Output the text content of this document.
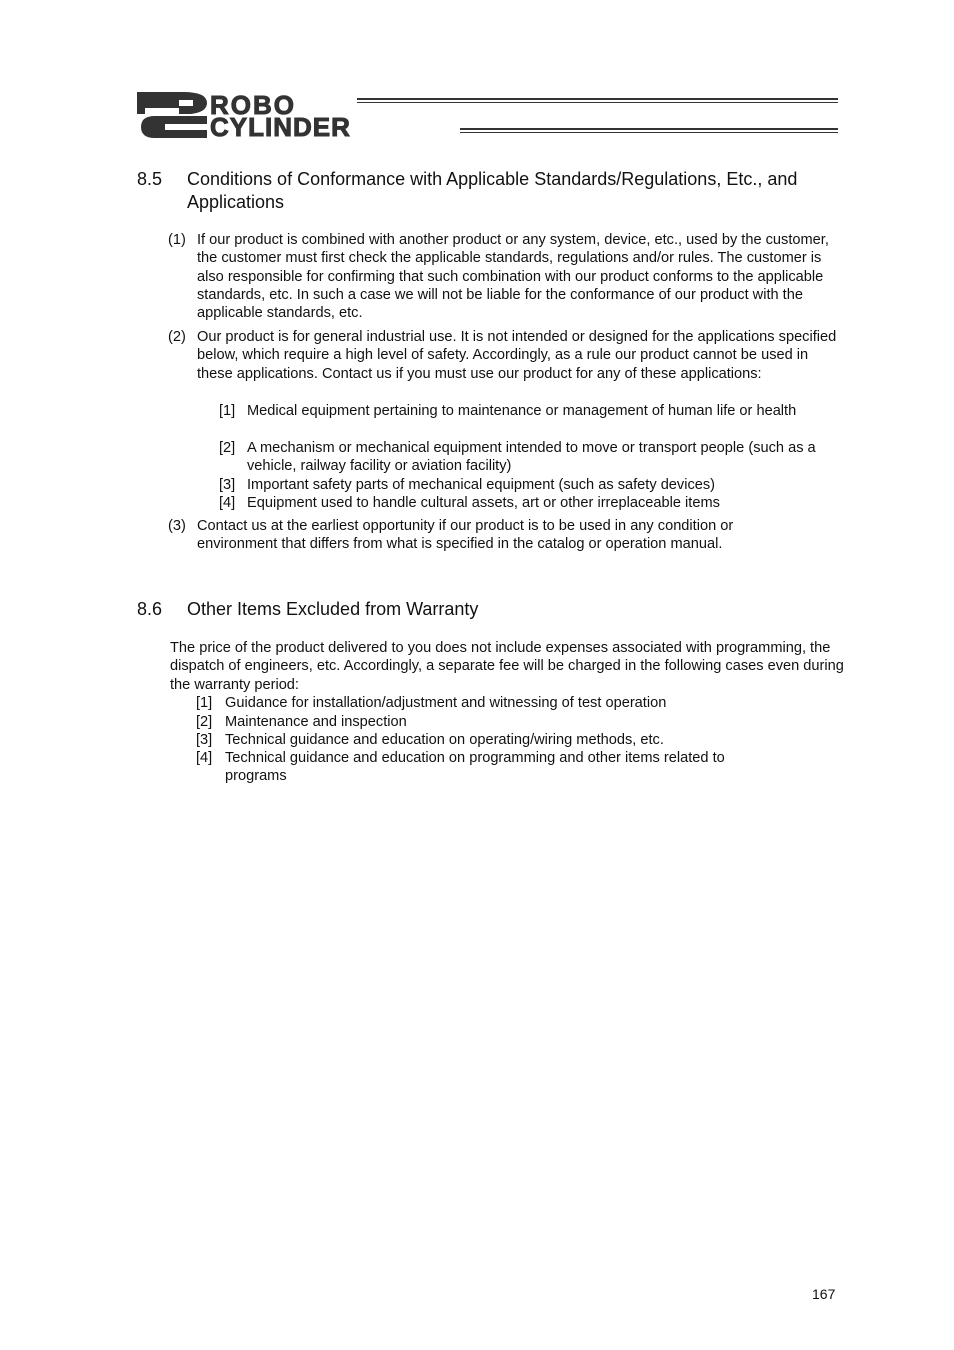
ROBO
CYLINDER
8.5 Conditions of Conformance with Applicable Standards/Regulations, Etc., and Applications
(1) If our product is combined with another product or any system, device, etc., used by the customer, the customer must first check the applicable standards, regulations and/or rules. The customer is also responsible for confirming that such combination with our product conforms to the applicable standards, etc. In such a case we will not be liable for the conformance of our product with the applicable standards, etc.
(2) Our product is for general industrial use. It is not intended or designed for the applications specified below, which require a high level of safety. Accordingly, as a rule our product cannot be used in these applications. Contact us if you must use our product for any of these applications:
[1] Medical equipment pertaining to maintenance or management of human life or health
[2] A mechanism or mechanical equipment intended to move or transport people (such as a vehicle, railway facility or aviation facility)
[3] Important safety parts of mechanical equipment (such as safety devices)
[4] Equipment used to handle cultural assets, art or other irreplaceable items
(3) Contact us at the earliest opportunity if our product is to be used in any condition or environment that differs from what is specified in the catalog or operation manual.
8.6 Other Items Excluded from Warranty
The price of the product delivered to you does not include expenses associated with programming, the dispatch of engineers, etc. Accordingly, a separate fee will be charged in the following cases even during the warranty period:
[1] Guidance for installation/adjustment and witnessing of test operation
[2] Maintenance and inspection
[3] Technical guidance and education on operating/wiring methods, etc.
[4] Technical guidance and education on programming and other items related to programs
167
